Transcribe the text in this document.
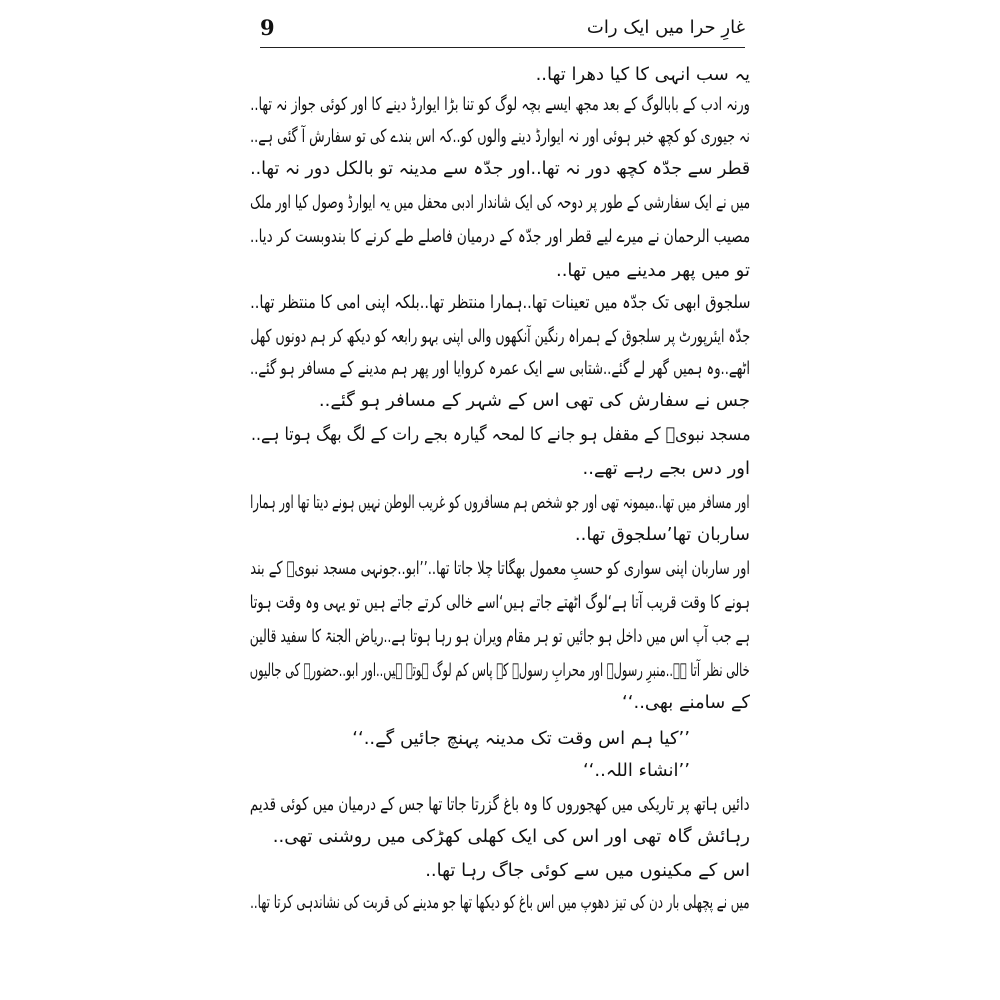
9	غارِ حرا میں ایک رات
یہ سب انہی کا کیا دھرا تھا..
ورنہ ادب کے بابالوگ کے بعد مجھ ایسے بچہ لوگ کو تنا بڑا ایوارڈ دینے کا اور کوئی جواز نہ تھا..
نہ جیوری کو کچھ خبر ہوئی اور نہ ایوارڈ دینے والوں کو..کہ اس بندے کی تو سفارش آ گئی ہے..
قطر سے جدّہ کچھ دور نہ تھا..اور جدّہ سے مدینہ تو بالکل دور نہ تھا..
میں نے ایک سفارشی کے طور پر دوحہ کی ایک شاندار ادبی محفل میں یہ ایوارڈ وصول کیا اور ملک
مصیب الرحمان نے میرے لیے قطر اور جدّہ کے درمیان فاصلے طے کرنے کا بندوبست کر دیا..
تو میں پھر مدینے میں تھا..
سلجوق ابھی تک جدّہ میں تعینات تھا..ہمارا منتظر تھا..بلکہ اپنی امی کا منتظر تھا..
جدّہ ایئرپورٹ پر سلجوق کے ہمراہ رنگین آنکھوں والی اپنی بہو رابعہ کو دیکھ کر ہم دونوں کھل
اٹھے..وہ ہمیں گھر لے گئے..شتابی سے ایک عمرہ کروایا اور پھر ہم مدینے کے مسافر ہو گئے..
جس نے سفارش کی تھی اس کے شہر کے مسافر ہو گئے..
مسجد نبویؐ کے مقفل ہو جانے کا لمحہ گیارہ بجے رات کے لگ بھگ ہوتا ہے..
اور دس بجے رہے تھے..
اور مسافر میں تھا..میمونہ تھی اور جو شخص ہم مسافروں کو غریب الوطن نہیں ہونے دیتا تھا اور ہمارا
ساربان تھا’سلجوق تھا..
اور ساربان اپنی سواری کو حسبِ معمول بھگاتا چلا جاتا تھا..’’ابو..جونہی مسجد نبویؐ کے بند
ہونے کا وقت قریب آتا ہے‘لوگ اٹھتے جاتے ہیں‘اسے خالی کرتے جاتے ہیں تو یہی وہ وقت ہوتا
ہے جب آپ اس میں داخل ہو جائیں تو ہر مقام ویران ہو رہا ہوتا ہے..ریاض الجنۃ کا سفید قالین
خالی نظر آتا ہے..منبرِ رسولؐ اور محرابِ رسولؐ کے پاس کم لوگ ہوتے ہیں..اور ابو..حضورؐ کی جالیوں
کے سامنے بھی..‘‘
’’کیا ہم اس وقت تک مدینہ پہنچ جائیں گے..‘‘
’’انشاء اللہ..‘‘
دائیں ہاتھ پر تاریکی میں کھجوروں کا وہ باغ گزرتا جاتا تھا جس کے درمیان میں کوئی قدیم
رہائش گاہ تھی اور اس کی ایک کھلی کھڑکی میں روشنی تھی..
اس کے مکینوں میں سے کوئی جاگ رہا تھا..
میں نے پچھلی بار دن کی تیز دھوپ میں اس باغ کو دیکھا تھا جو مدینے کی قربت کی نشاندہی کرتا تھا..
